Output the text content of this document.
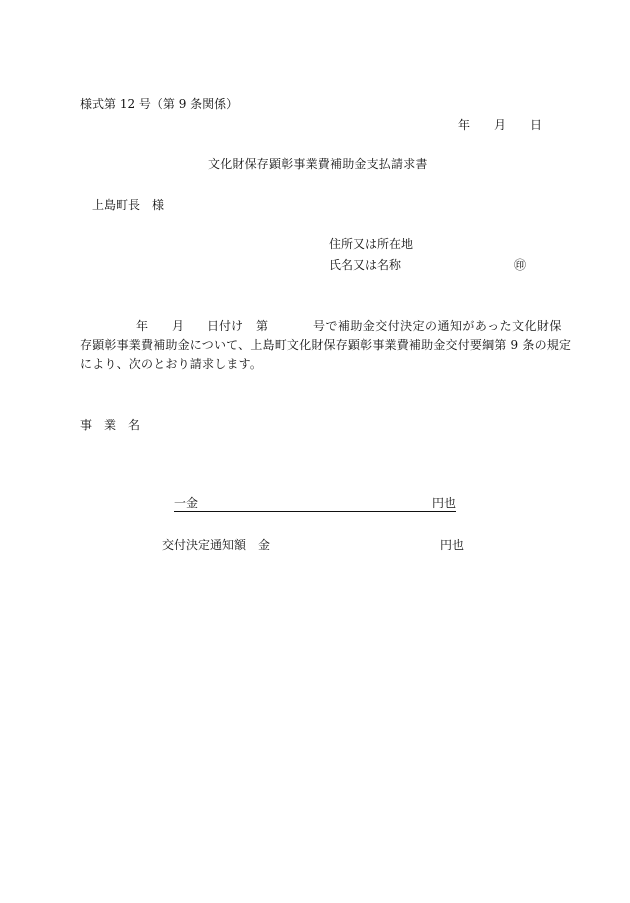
様式第 12 号（第 9 条関係）
年 月 日
文化財保存顕彰事業費補助金支払請求書
上島町長　様
住所又は所在地
氏名又は名称	㊞
年 月 日付け 第	号で補助金交付決定の通知があった文化財保
存顕彰事業費補助金について、上島町文化財保存顕彰事業費補助金交付要綱第 9 条の規定
により、次のとおり請求します。
事　業　名
一金	円也
交付決定通知額　金	円也
